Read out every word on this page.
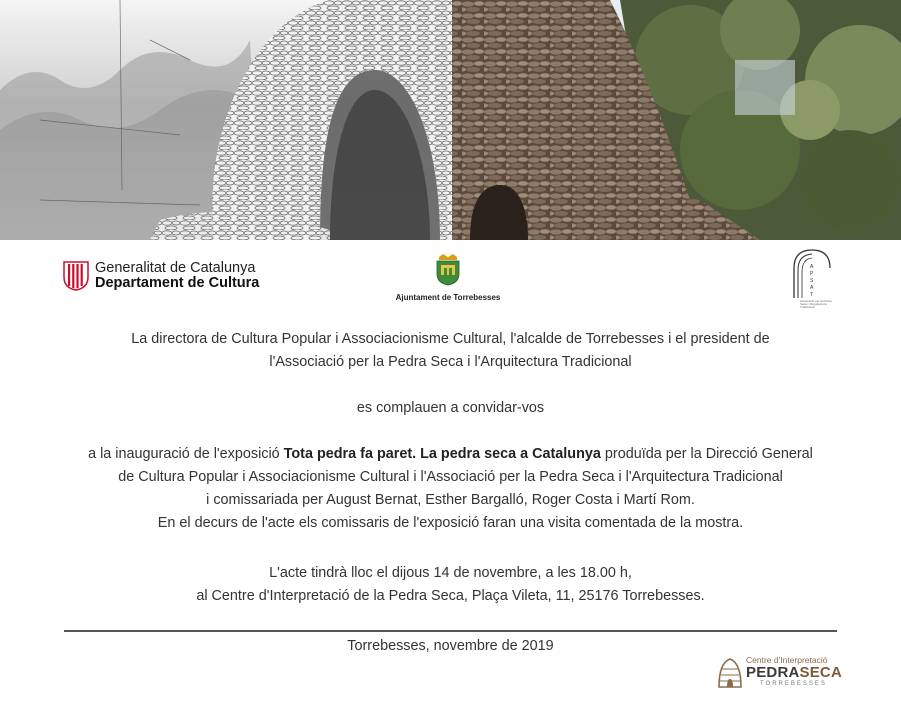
Generalitat de Catalunya
Departament de Cultura
Ajuntament de Torrebesses
A
P
S
A
T
Associació per la Pedra Seca i l'Arquitectura Tradicional

La directora de Cultura Popular i Associacionisme Cultural, l'alcalde de Torrebesses i el president de
l'Associació per la Pedra Seca i l'Arquitectura Tradicional

es complauen a convidar-vos

a la inauguració de l'exposició Tota pedra fa paret. La pedra seca a Catalunya produïda per la Direcció General
de Cultura Popular i Associacionisme Cultural i l'Associació per la Pedra Seca i l'Arquitectura Tradicional
i comissariada per August Bernat, Esther Bargalló, Roger Costa i Martí Rom.
En el decurs de l'acte els comissaris de l'exposició faran una visita comentada de la mostra.

L'acte tindrà lloc el dijous 14 de novembre, a les 18.00 h,
al Centre d'Interpretació de la Pedra Seca, Plaça Vileta, 11, 25176 Torrebesses.

Torrebesses, novembre de 2019
Centre d'Interpretació
PEDRASECA
TORREBESSES
